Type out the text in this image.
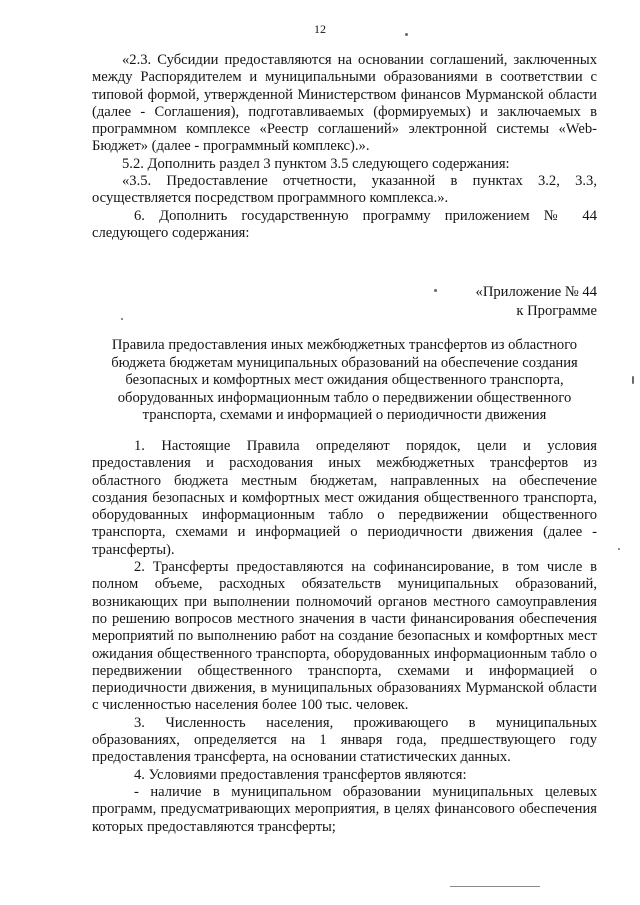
12

«2.3. Субсидии предоставляются на основании соглашений, заключенных между Распорядителем и муниципальными образованиями в соответствии с типовой формой, утвержденной Министерством финансов Мурманской области (далее - Соглашения), подготавливаемых (формируемых) и заключаемых в программном комплексе «Реестр соглашений» электронной системы «Web-Бюджет» (далее - программный комплекс).».

5.2. Дополнить раздел 3 пунктом 3.5 следующего содержания:

«3.5. Предоставление отчетности, указанной в пунктах 3.2, 3.3, осуществляется посредством программного комплекса.».

6. Дополнить государственную программу приложением № 44 следующего содержания:

«Приложение № 44
к Программе
Правила предоставления иных межбюджетных трансфертов из областного
бюджета бюджетам муниципальных образований на обеспечение создания
безопасных и комфортных мест ожидания общественного транспорта,
оборудованных информационным табло о передвижении общественного
транспорта, схемами и информацией о периодичности движения

1. Настоящие Правила определяют порядок, цели и условия предоставления и расходования иных межбюджетных трансфертов из областного бюджета местным бюджетам, направленных на обеспечение создания безопасных и комфортных мест ожидания общественного транспорта, оборудованных информационным табло о передвижении общественного транспорта, схемами и информацией о периодичности движения (далее - трансферты).

2. Трансферты предоставляются на софинансирование, в том числе в полном объеме, расходных обязательств муниципальных образований, возникающих при выполнении полномочий органов местного самоуправления по решению вопросов местного значения в части финансирования обеспечения мероприятий по выполнению работ на создание безопасных и комфортных мест ожидания общественного транспорта, оборудованных информационным табло о передвижении общественного транспорта, схемами и информацией о периодичности движения, в муниципальных образованиях Мурманской области с численностью населения более 100 тыс. человек.

3. Численность населения, проживающего в муниципальных образованиях, определяется на 1 января года, предшествующего году предоставления трансферта, на основании статистических данных.

4. Условиями предоставления трансфертов являются:

- наличие в муниципальном образовании муниципальных целевых программ, предусматривающих мероприятия, в целях финансового обеспечения которых предоставляются трансферты;
